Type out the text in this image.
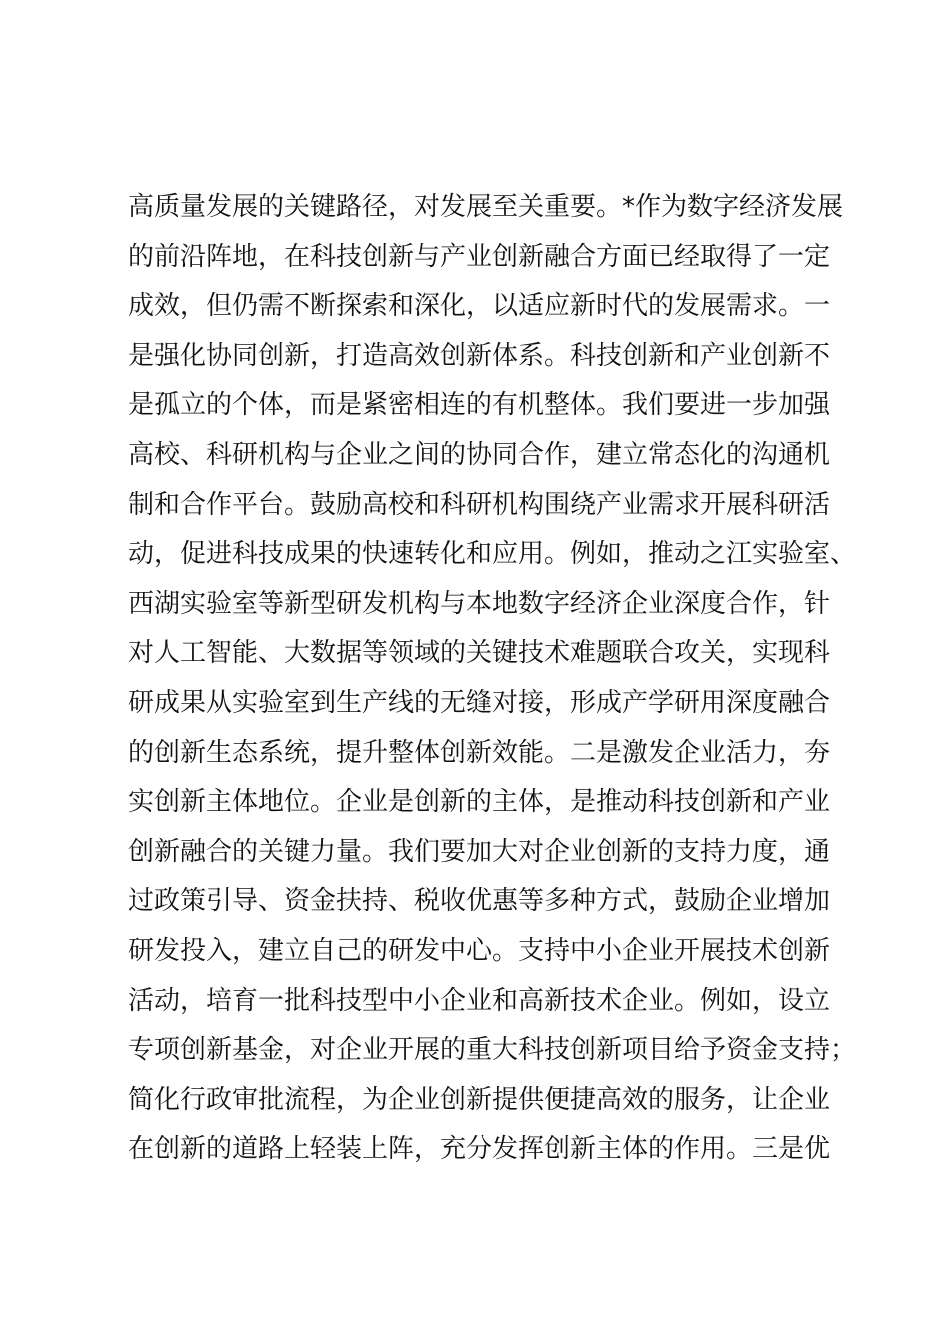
高质量发展的关键路径，对发展至关重要。*作为数字经济发展
的前沿阵地，在科技创新与产业创新融合方面已经取得了一定
成效，但仍需不断探索和深化，以适应新时代的发展需求。一
是强化协同创新，打造高效创新体系。科技创新和产业创新不
是孤立的个体，而是紧密相连的有机整体。我们要进一步加强
高校、科研机构与企业之间的协同合作，建立常态化的沟通机
制和合作平台。鼓励高校和科研机构围绕产业需求开展科研活
动，促进科技成果的快速转化和应用。例如，推动之江实验室、
西湖实验室等新型研发机构与本地数字经济企业深度合作，针
对人工智能、大数据等领域的关键技术难题联合攻关，实现科
研成果从实验室到生产线的无缝对接，形成产学研用深度融合
的创新生态系统，提升整体创新效能。二是激发企业活力，夯
实创新主体地位。企业是创新的主体，是推动科技创新和产业
创新融合的关键力量。我们要加大对企业创新的支持力度，通
过政策引导、资金扶持、税收优惠等多种方式，鼓励企业增加
研发投入，建立自己的研发中心。支持中小企业开展技术创新
活动，培育一批科技型中小企业和高新技术企业。例如，设立
专项创新基金，对企业开展的重大科技创新项目给予资金支持；
简化行政审批流程，为企业创新提供便捷高效的服务，让企业
在创新的道路上轻装上阵，充分发挥创新主体的作用。三是优
